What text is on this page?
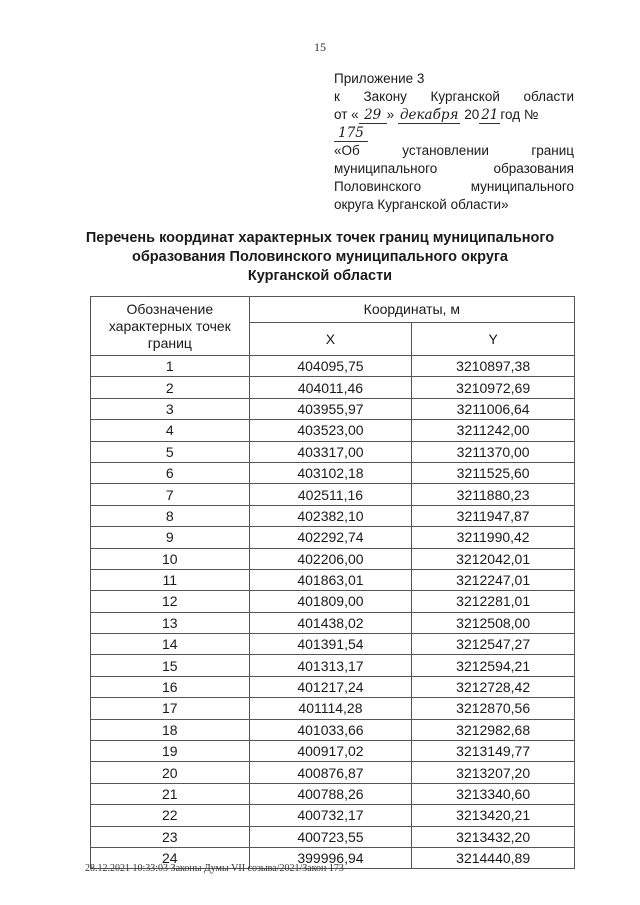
15
Приложение 3
к Закону Курганской области
от « 29 » декабря 20 21 год № 175
«Об	установлении	границ
муниципального	образования
Половинского	муниципального
округа Курганской области»
Перечень координат характерных точек границ муниципального
образования Половинского муниципального округа
Курганской области
Обозначение характерных точек границ	Координаты, м	
	X	Y
1	404095,75	3210897,38
2	404011,46	3210972,69
3	403955,97	3211006,64
4	403523,00	3211242,00
5	403317,00	3211370,00
6	403102,18	3211525,60
7	402511,16	3211880,23
8	402382,10	3211947,87
9	402292,74	3211990,42
10	402206,00	3212042,01
11	401863,01	3212247,01
12	401809,00	3212281,01
13	401438,02	3212508,00
14	401391,54	3212547,27
15	401313,17	3212594,21
16	401217,24	3212728,42
17	401114,28	3212870,56
18	401033,66	3212982,68
19	400917,02	3213149,77
20	400876,87	3213207,20
21	400788,26	3213340,60
22	400732,17	3213420,21
23	400723,55	3213432,20
24	399996,94	3214440,89
28.12.2021 10:33:03 Законы Думы VII созыва/2021/Закон 173
